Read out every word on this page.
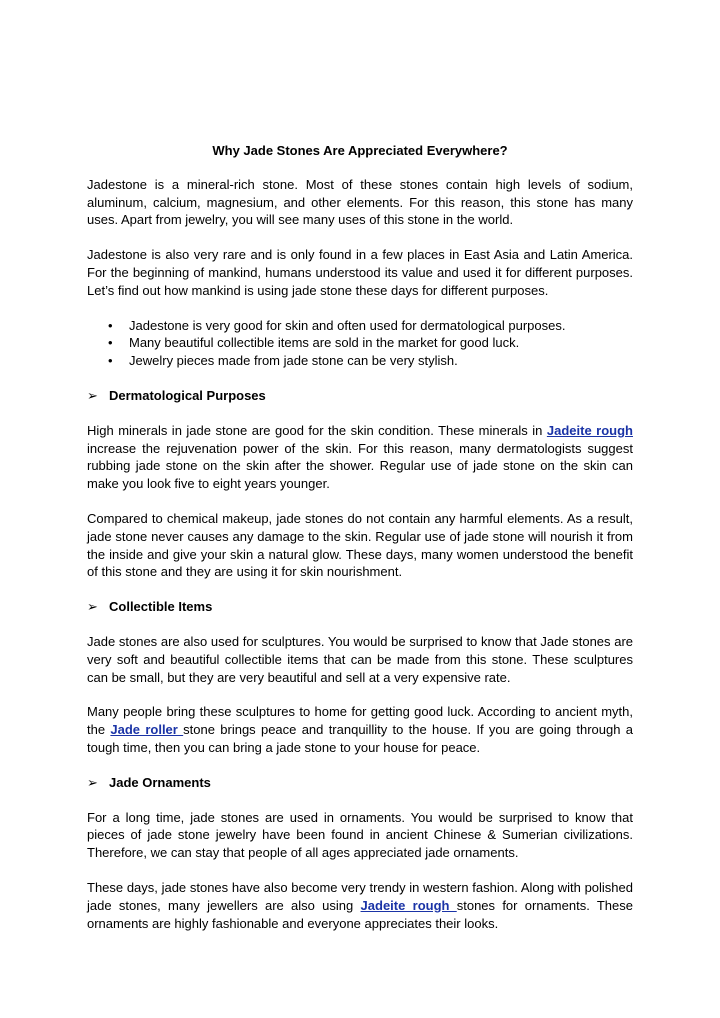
Why Jade Stones Are Appreciated Everywhere?

Jadestone is a mineral-rich stone. Most of these stones contain high levels of sodium, aluminum, calcium, magnesium, and other elements. For this reason, this stone has many uses. Apart from jewelry, you will see many uses of this stone in the world.

Jadestone is also very rare and is only found in a few places in East Asia and Latin America. For the beginning of mankind, humans understood its value and used it for different purposes. Let’s find out how mankind is using jade stone these days for different purposes.

• Jadestone is very good for skin and often used for dermatological purposes.
• Many beautiful collectible items are sold in the market for good luck.
• Jewelry pieces made from jade stone can be very stylish.
➢ Dermatological Purposes

High minerals in jade stone are good for the skin condition. These minerals in Jadeite rough increase the rejuvenation power of the skin. For this reason, many dermatologists suggest rubbing jade stone on the skin after the shower. Regular use of jade stone on the skin can make you look five to eight years younger.

Compared to chemical makeup, jade stones do not contain any harmful elements. As a result, jade stone never causes any damage to the skin. Regular use of jade stone will nourish it from the inside and give your skin a natural glow. These days, many women understood the benefit of this stone and they are using it for skin nourishment.

➢ Collectible Items

Jade stones are also used for sculptures. You would be surprised to know that Jade stones are very soft and beautiful collectible items that can be made from this stone. These sculptures can be small, but they are very beautiful and sell at a very expensive rate.

Many people bring these sculptures to home for getting good luck. According to ancient myth, the Jade roller stone brings peace and tranquillity to the house. If you are going through a tough time, then you can bring a jade stone to your house for peace.

➢ Jade Ornaments

For a long time, jade stones are used in ornaments. You would be surprised to know that pieces of jade stone jewelry have been found in ancient Chinese & Sumerian civilizations. Therefore, we can stay that people of all ages appreciated jade ornaments.

These days, jade stones have also become very trendy in western fashion. Along with polished jade stones, many jewellers are also using Jadeite rough stones for ornaments. These ornaments are highly fashionable and everyone appreciates their looks.
